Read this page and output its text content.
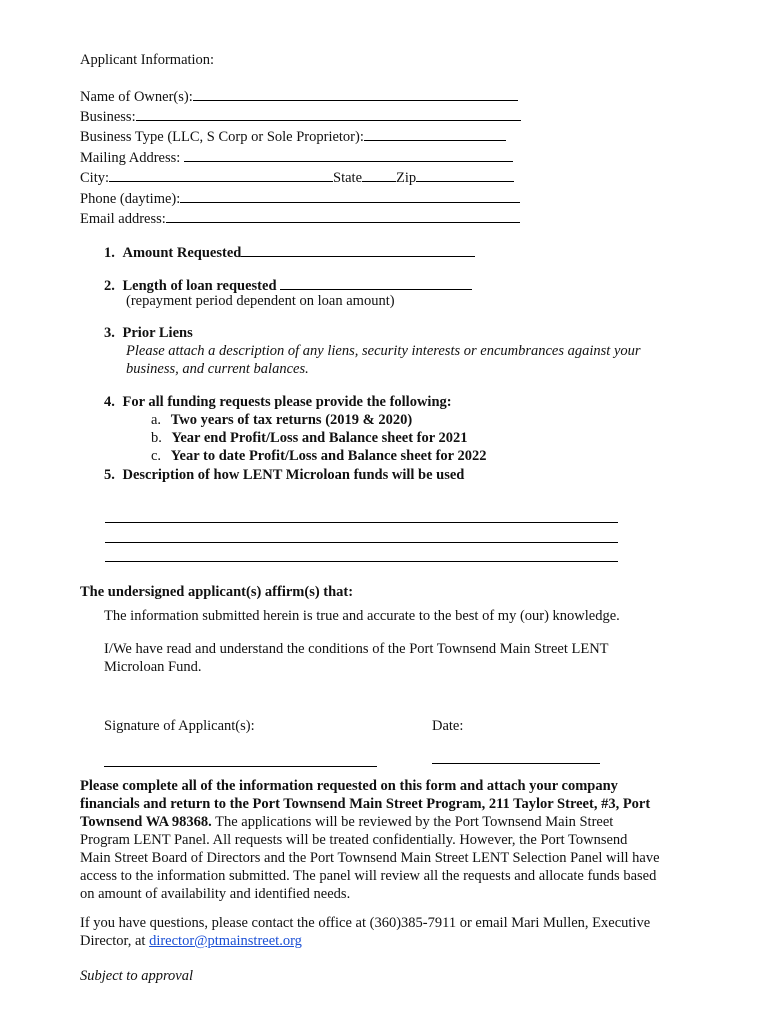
Applicant Information:
Name of Owner(s):
Business:
Business Type (LLC, S Corp or Sole Proprietor):
Mailing Address:
City:	State Zip
Phone (daytime):
Email address:
1. Amount Requested
2. Length of loan requested
(repayment period dependent on loan amount)
3. Prior Liens
Please attach a description of any liens, security interests or encumbrances against your
business, and current balances.
4. For all funding requests please provide the following:
a. Two years of tax returns (2019 & 2020)
b. Year end Profit/Loss and Balance sheet for 2021
c. Year to date Profit/Loss and Balance sheet for 2022
5. Description of how LENT Microloan funds will be used
The undersigned applicant(s) affirm(s) that:
The information submitted herein is true and accurate to the best of my (our) knowledge.
I/We have read and understand the conditions of the Port Townsend Main Street LENT
Microloan Fund.
Signature of Applicant(s):	Date:
Please complete all of the information requested on this form and attach your company
financials and return to the Port Townsend Main Street Program, 211 Taylor Street, #3, Port
Townsend WA 98368. The applications will be reviewed by the Port Townsend Main Street
Program LENT Panel. All requests will be treated confidentially. However, the Port Townsend
Main Street Board of Directors and the Port Townsend Main Street LENT Selection Panel will have
access to the information submitted. The panel will review all the requests and allocate funds based
on amount of availability and identified needs.
If you have questions, please contact the office at (360)385-7911 or email Mari Mullen, Executive
Director, at director@ptmainstreet.org
Subject to approval
